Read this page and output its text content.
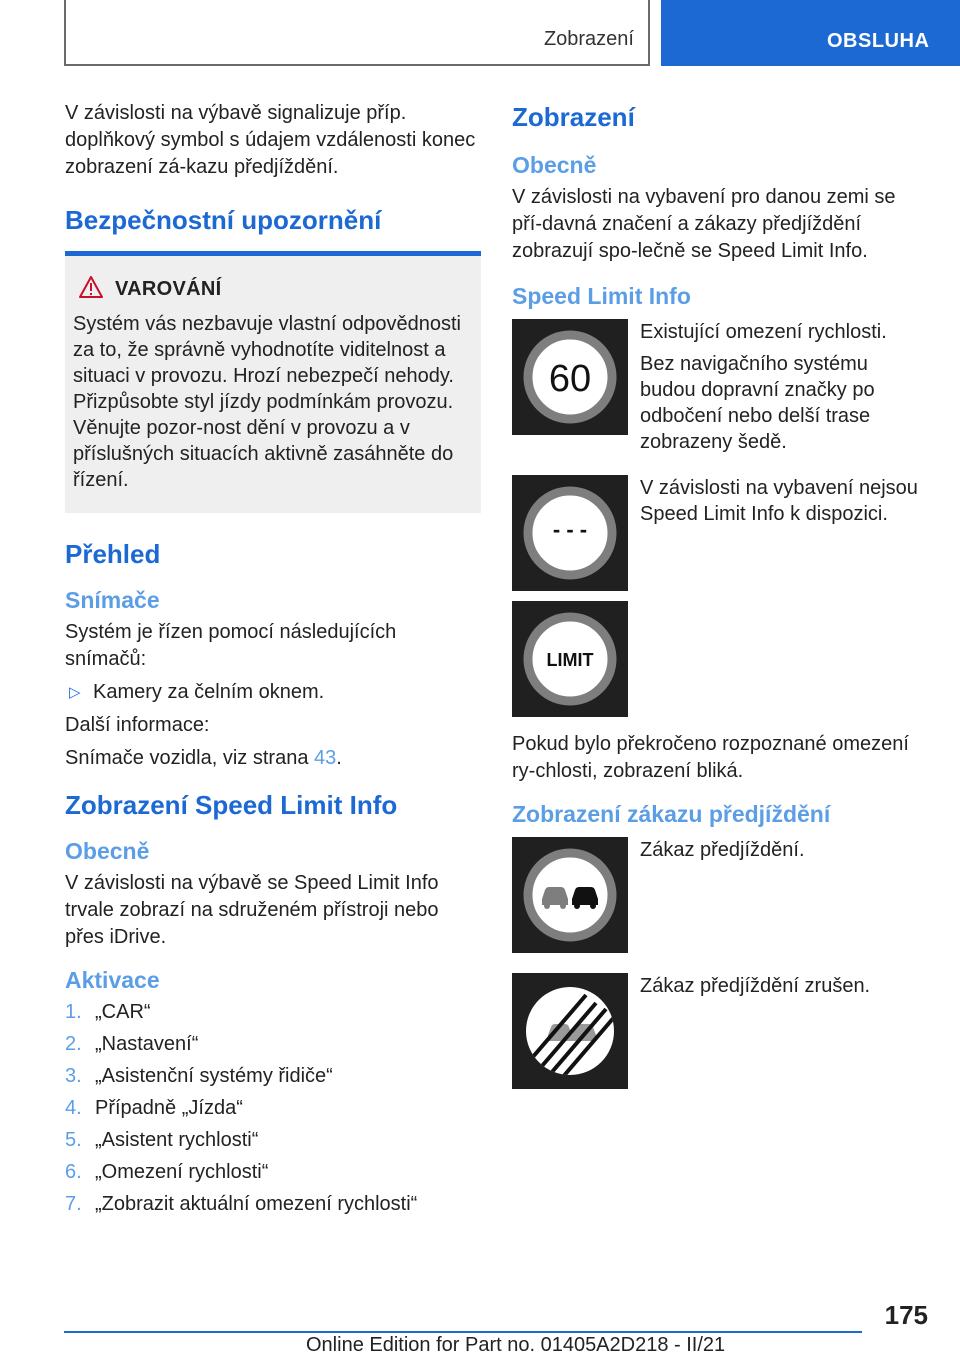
Zobrazení	OBSLUHA

V závislosti na výbavě signalizuje příp. doplňkový symbol s údajem vzdálenosti konec zobrazení zá-kazu předjíždění.

Bezpečnostní upozornění
VAROVÁNÍ

Systém vás nezbavuje vlastní odpovědnosti za to, že správně vyhodnotíte viditelnost a situaci v provozu. Hrozí nebezpečí nehody. Přizpůsobte styl jízdy podmínkám provozu. Věnujte pozor-nost dění v provozu a v příslušných situacích aktivně zasáhněte do řízení.

Přehled
Snímače

Systém je řízen pomocí následujících snímačů:

▷ Kamery za čelním oknem.

Další informace:

Snímače vozidla, viz strana 43.

Zobrazení Speed Limit Info
Obecně

V závislosti na výbavě se Speed Limit Info trvale zobrazí na sdruženém přístroji nebo přes iDrive.

Aktivace
1. „CAR“
2. „Nastavení“
3. „Asistenční systémy řidiče“
4. Případně „Jízda“
5. „Asistent rychlosti“
6. „Omezení rychlosti“
7. „Zobrazit aktuální omezení rychlosti“
Zobrazení
Obecně

V závislosti na vybavení pro danou zemi se pří-davná značení a zákazy předjíždění zobrazují spo-lečně se Speed Limit Info.

Speed Limit Info
60

Existující omezení rychlosti.

Bez navigačního systému budou dopravní značky po odbočení nebo delší trase zobrazeny šedě.

- - -

V závislosti na vybavení nejsou Speed Limit Info k dispozici.

LIMIT

Pokud bylo překročeno rozpoznané omezení ry-chlosti, zobrazení bliká.

Zobrazení zákazu předjíždění

Zákaz předjíždění.

Zákaz předjíždění zrušen.

175
Online Edition for Part no. 01405A2D218 - II/21
